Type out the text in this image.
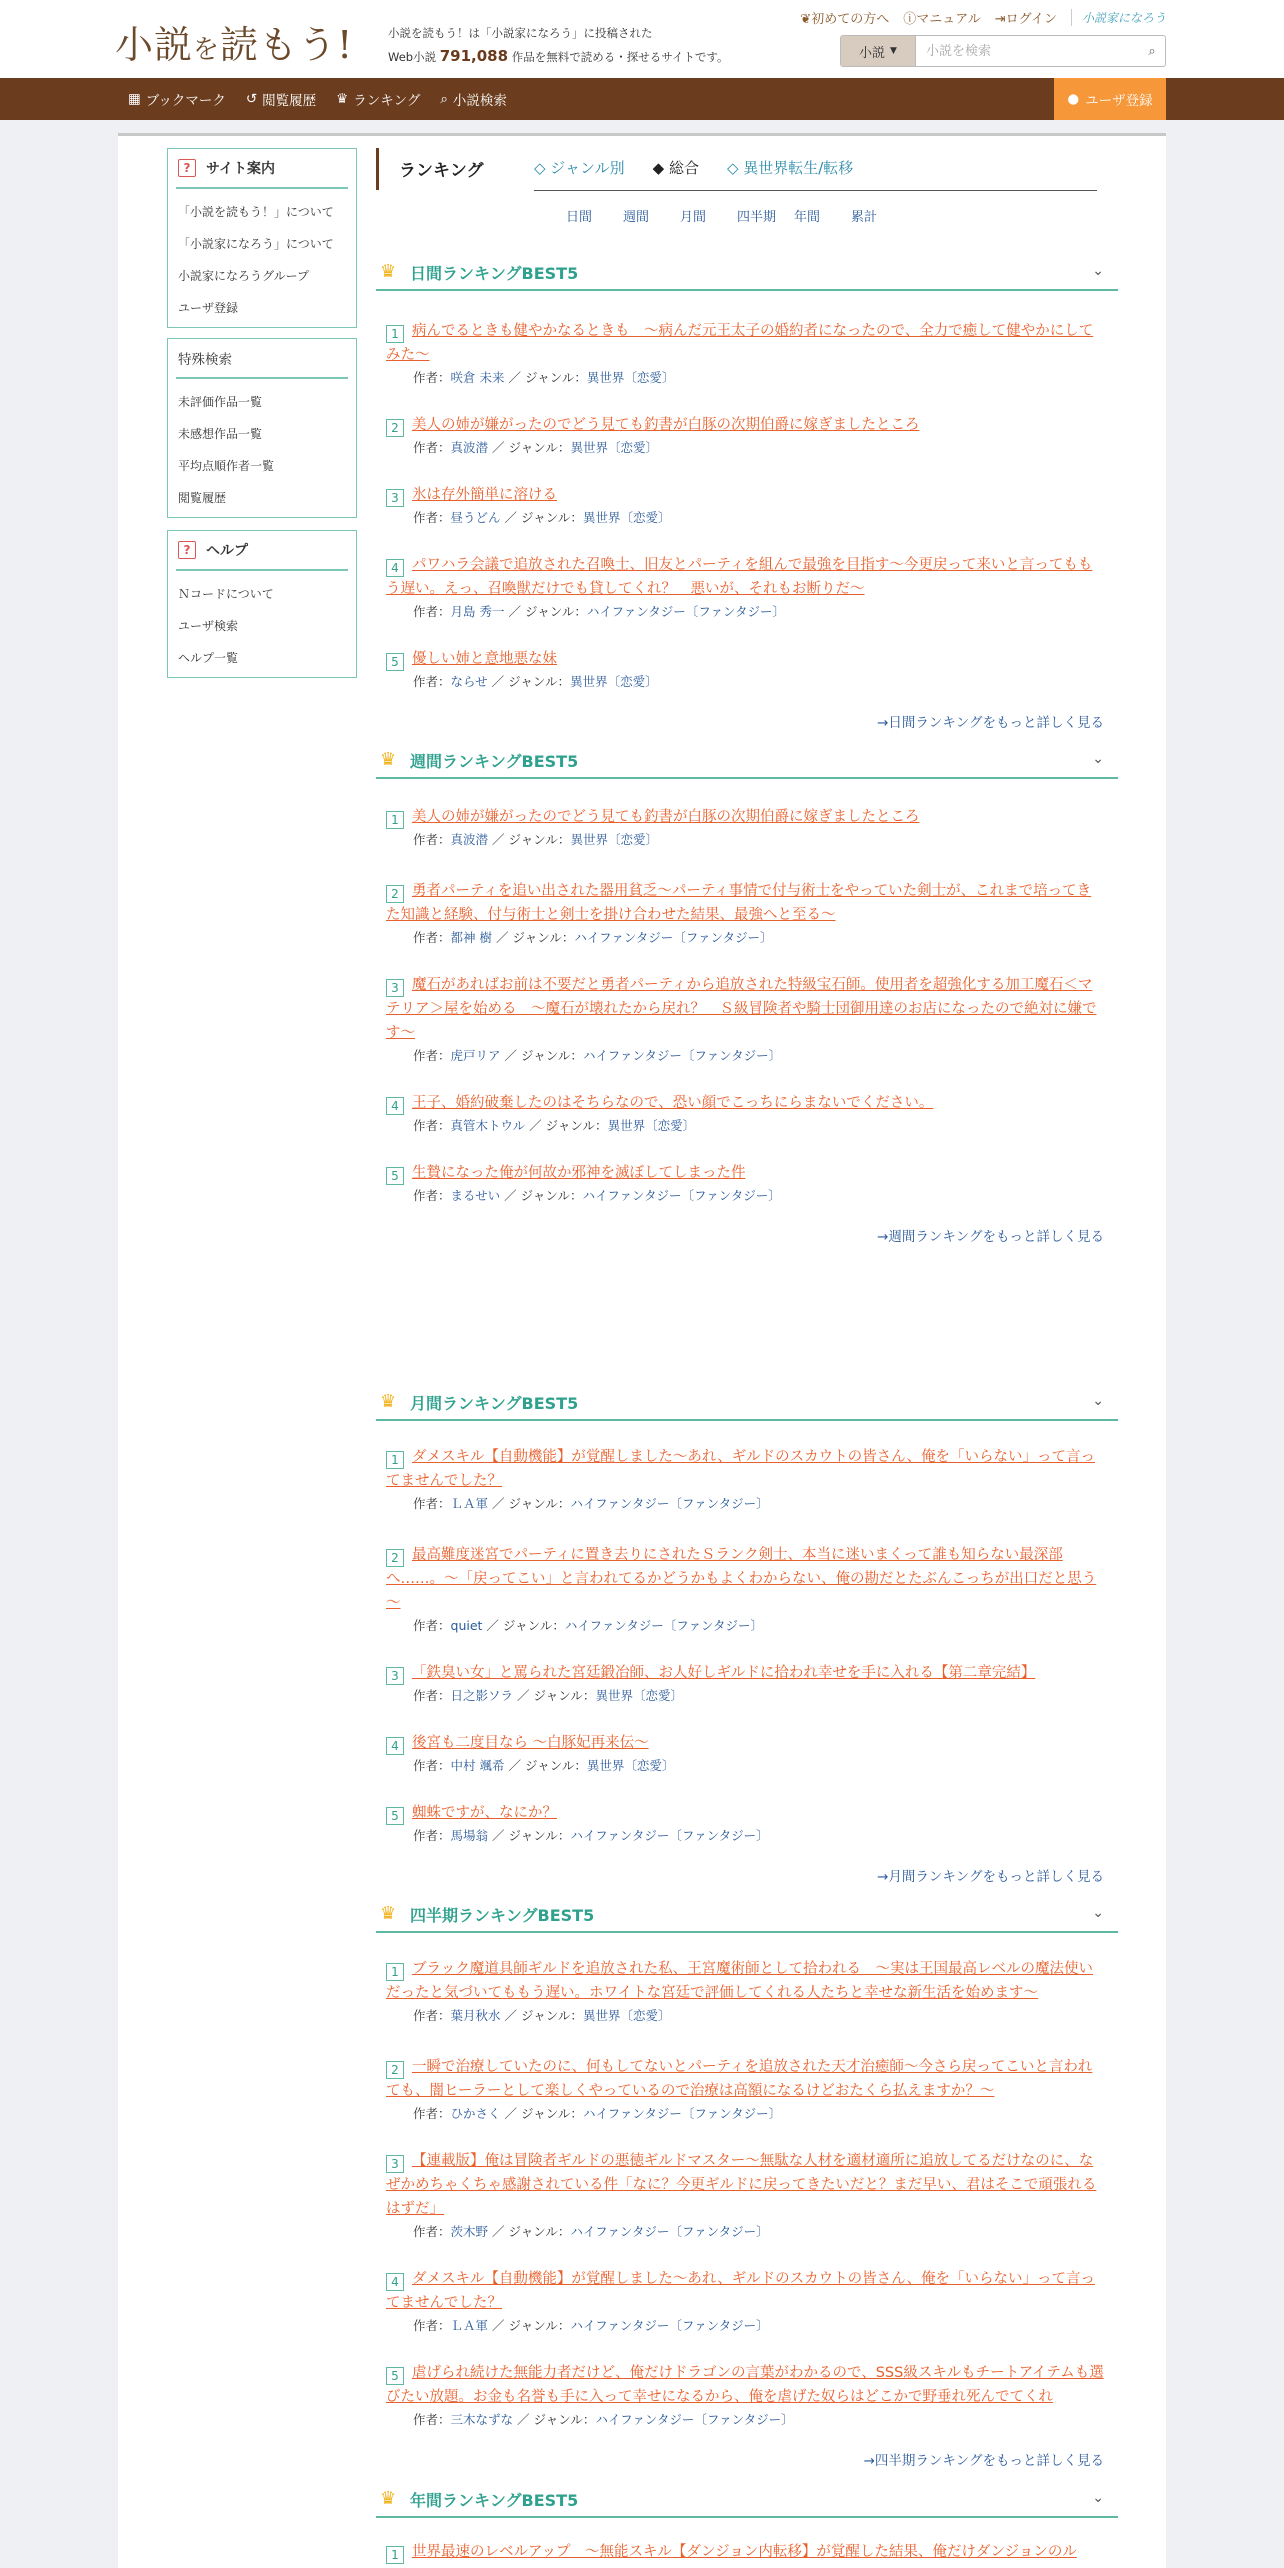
小説を読もう!	小説を読もう！は「小説家になろう」に投稿された
Web小説 791,088 作品を無料で読める・探せるサイトです。
❦初めての方へ ⓘマニュアル ⇥ログイン	小説家になろう
小説 ▼
小説を検索	⌕
▦ ブックマーク ↺ 閲覧履歴 ♛ ランキング ⌕ 小説検索	● ユーザ登録
?	サイト案内
「小説を読もう！」について
「小説家になろう」について
小説家になろうグループ
ユーザ登録
特殊検索
未評価作品一覧
未感想作品一覧
平均点順作者一覧
閲覧履歴
?	ヘルプ
Ｎコードについて
ユーザ検索
ヘルプ一覧
ランキング	◇ ジャンル別 ◆ 総合 ◇ 異世界転生/転移
日間	週間	月間	四半期	年間	累計
♛ 日間ランキングBEST5	⌄
1 病んでるときも健やかなるときも　～病んだ元王太子の婚約者になったので、全力で癒して健やかにしてみた～
作者：咲倉 未来 ／ ジャンル：異世界〔恋愛〕
2 美人の姉が嫌がったのでどう見ても釣書が白豚の次期伯爵に嫁ぎましたところ
作者：真波潜 ／ ジャンル：異世界〔恋愛〕
3 氷は存外簡単に溶ける
作者：昼うどん ／ ジャンル：異世界〔恋愛〕
4 パワハラ会議で追放された召喚士、旧友とパーティを組んで最強を目指す～今更戻って来いと言ってももう遅い。えっ、召喚獣だけでも貸してくれ？　悪いが、それもお断りだ～
作者：月島 秀一 ／ ジャンル：ハイファンタジー〔ファンタジー〕
5 優しい姉と意地悪な妹
作者：ならせ ／ ジャンル：異世界〔恋愛〕
→日間ランキングをもっと詳しく見る
♛ 週間ランキングBEST5	⌄
1 美人の姉が嫌がったのでどう見ても釣書が白豚の次期伯爵に嫁ぎましたところ
作者：真波潜 ／ ジャンル：異世界〔恋愛〕
2 勇者パーティを追い出された器用貧乏～パーティ事情で付与術士をやっていた剣士が、これまで培ってきた知識と経験、付与術士と剣士を掛け合わせた結果、最強へと至る～
作者：都神 樹 ／ ジャンル：ハイファンタジー〔ファンタジー〕
3 魔石があればお前は不要だと勇者パーティから追放された特級宝石師。使用者を超強化する加工魔石＜マテリア＞屋を始める　～魔石が壊れたから戻れ？　Ｓ級冒険者や騎士団御用達のお店になったので絶対に嫌です～
作者：虎戸リア ／ ジャンル：ハイファンタジー〔ファンタジー〕
4 王子、婚約破棄したのはそちらなので、恐い顔でこっちにらまないでください。
作者：真管木トウル ／ ジャンル：異世界〔恋愛〕
5 生贄になった俺が何故か邪神を滅ぼしてしまった件
作者：まるせい ／ ジャンル：ハイファンタジー〔ファンタジー〕
→週間ランキングをもっと詳しく見る
♛ 月間ランキングBEST5	⌄
1 ダメスキル【自動機能】が覚醒しました〜あれ、ギルドのスカウトの皆さん、俺を「いらない」って言ってませんでした？
作者：ＬＡ軍 ／ ジャンル：ハイファンタジー〔ファンタジー〕
2 最高難度迷宮でパーティに置き去りにされたＳランク剣士、本当に迷いまくって誰も知らない最深部へ……。～「戻ってこい」と言われてるかどうかもよくわからない、俺の勘だとたぶんこっちが出口だと思う～
作者：quiet ／ ジャンル：ハイファンタジー〔ファンタジー〕
3 「鉄臭い女」と罵られた宮廷鍛冶師、お人好しギルドに拾われ幸せを手に入れる【第二章完結】
作者：日之影ソラ ／ ジャンル：異世界〔恋愛〕
4 後宮も二度目なら 〜白豚妃再来伝〜
作者：中村 颯希 ／ ジャンル：異世界〔恋愛〕
5 蜘蛛ですが、なにか？
作者：馬場翁 ／ ジャンル：ハイファンタジー〔ファンタジー〕
→月間ランキングをもっと詳しく見る
♛ 四半期ランキングBEST5	⌄
1 ブラック魔道具師ギルドを追放された私、王宮魔術師として拾われる　～実は王国最高レベルの魔法使いだったと気づいてももう遅い。ホワイトな宮廷で評価してくれる人たちと幸せな新生活を始めます～
作者：葉月秋水 ／ ジャンル：異世界〔恋愛〕
2 一瞬で治療していたのに、何もしてないとパーティを追放された天才治癒師～今さら戻ってこいと言われても、闇ヒーラーとして楽しくやっているので治療は高額になるけどおたくら払えますか？～
作者：ひかさく ／ ジャンル：ハイファンタジー〔ファンタジー〕
3 【連載版】俺は冒険者ギルドの悪徳ギルドマスター～無駄な人材を適材適所に追放してるだけなのに、なぜかめちゃくちゃ感謝されている件「なに？今更ギルドに戻ってきたいだと？まだ早い、君はそこで頑張れるはずだ」
作者：茨木野 ／ ジャンル：ハイファンタジー〔ファンタジー〕
4 ダメスキル【自動機能】が覚醒しました〜あれ、ギルドのスカウトの皆さん、俺を「いらない」って言ってませんでした？
作者：ＬＡ軍 ／ ジャンル：ハイファンタジー〔ファンタジー〕
5 虐げられ続けた無能力者だけど、俺だけドラゴンの言葉がわかるので、SSS級スキルもチートアイテムも選びたい放題。お金も名誉も手に入って幸せになるから、俺を虐げた奴らはどこかで野垂れ死んでてくれ
作者：三木なずな ／ ジャンル：ハイファンタジー〔ファンタジー〕
→四半期ランキングをもっと詳しく見る
♛ 年間ランキングBEST5	⌄
1 世界最速のレベルアップ　～無能スキル【ダンジョン内転移】が覚醒した結果、俺だけダンジョンのル
